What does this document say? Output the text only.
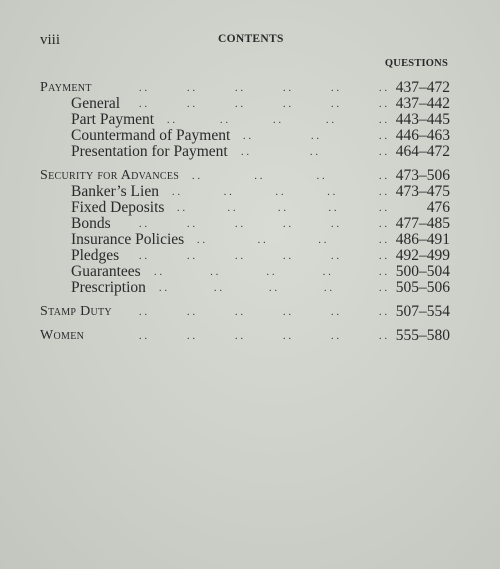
viii	CONTENTS
QUESTIONS
. .	. .	. .	. .	. .	. .
Payment	437–472
. .	. .	. .	. .	. .	. .
General	437–442
. .	. .	. .	. .	. .
Part Payment	443–445
. .	. .	. .
Countermand of Payment	446–463
. .	. .	. .
Presentation for Payment	464–472
. .	. .	. .	. .
Security for Advances	473–506
. .	. .	. .	. .	. .
Banker’s Lien	473–475
. .	. .	. .	. .	. .
Fixed Deposits	476
. .	. .	. .	. .	. .	. .
Bonds	477–485
. .	. .	. .	. .
Insurance Policies	486–491
. .	. .	. .	. .	. .	. .
Pledges	492–499
. .	. .	. .	. .	. .
Guarantees	500–504
. .	. .	. .	. .	. .
Prescription	505–506
. .	. .	. .	. .	. .	. .
Stamp Duty	507–554
. .	. .	. .	. .	. .	. .
Women	555–580
